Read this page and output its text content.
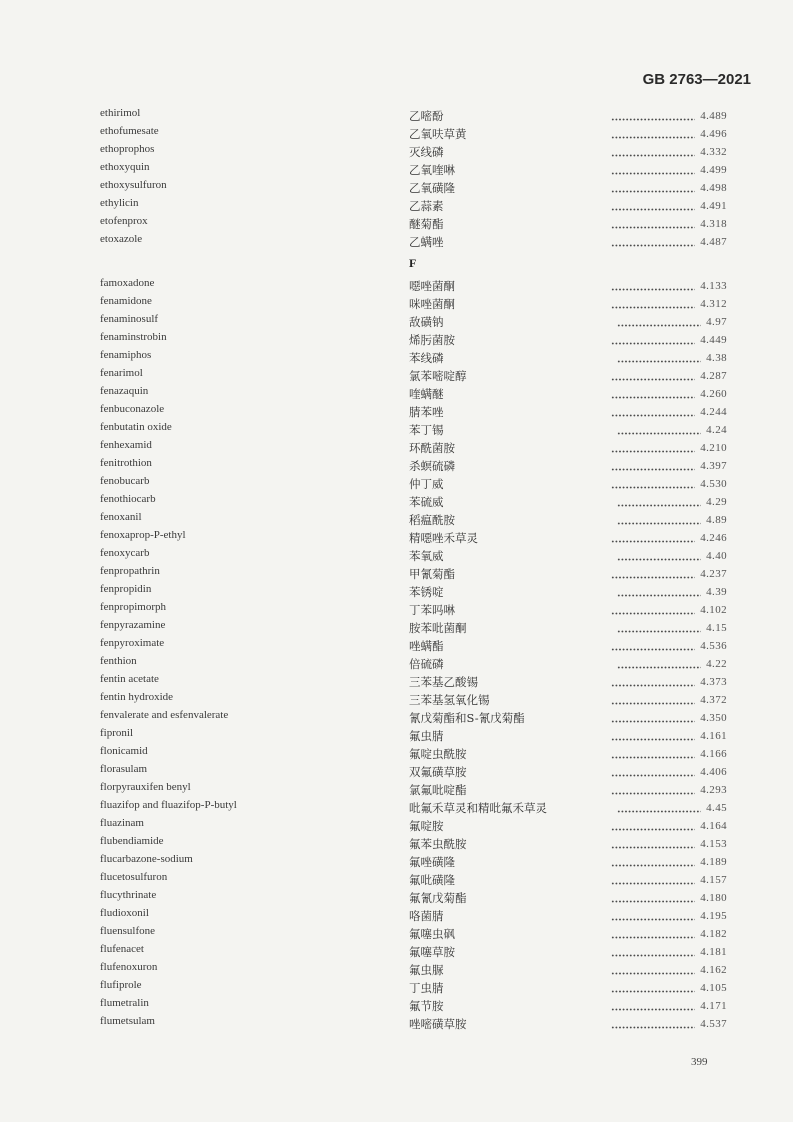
GB 2763—2021
ethirimol	乙嘧酚	4.489
ethofumesate	乙氧呋草黄	4.496
ethoprophos	灭线磷	4.332
ethoxyquin	乙氧喹啉	4.499
ethoxysulfuron	乙氧磺隆	4.498
ethylicin	乙蒜素	4.491
etofenprox	醚菊酯	4.318
etoxazole	乙螨唑	4.487
F
famoxadone	噁唑菌酮	4.133
fenamidone	咪唑菌酮	4.312
fenaminosulf	敌磺钠	4.97
fenaminstrobin	烯肟菌胺	4.449
fenamiphos	苯线磷	4.38
fenarimol	氯苯嘧啶醇	4.287
fenazaquin	喹螨醚	4.260
fenbuconazole	腈苯唑	4.244
fenbutatin oxide	苯丁锡	4.24
fenhexamid	环酰菌胺	4.210
fenitrothion	杀螟硫磷	4.397
fenobucarb	仲丁威	4.530
fenothiocarb	苯硫威	4.29
fenoxanil	稻瘟酰胺	4.89
fenoxaprop-P-ethyl	精噁唑禾草灵	4.246
fenoxycarb	苯氧威	4.40
fenpropathrin	甲氰菊酯	4.237
fenpropidin	苯锈啶	4.39
fenpropimorph	丁苯吗啉	4.102
fenpyrazamine	胺苯吡菌酮	4.15
fenpyroximate	唑螨酯	4.536
fenthion	倍硫磷	4.22
fentin acetate	三苯基乙酸锡	4.373
fentin hydroxide	三苯基氢氧化锡	4.372
fenvalerate and esfenvalerate	氰戊菊酯和S-氰戊菊酯	4.350
fipronil	氟虫腈	4.161
flonicamid	氟啶虫酰胺	4.166
florasulam	双氟磺草胺	4.406
florpyrauxifen benyl	氯氟吡啶酯	4.293
fluazifop and fluazifop-P-butyl	吡氟禾草灵和精吡氟禾草灵	4.45
fluazinam	氟啶胺	4.164
flubendiamide	氟苯虫酰胺	4.153
flucarbazone-sodium	氟唑磺隆	4.189
flucetosulfuron	氟吡磺隆	4.157
flucythrinate	氟氰戊菊酯	4.180
fludioxonil	咯菌腈	4.195
fluensulfone	氟噻虫砜	4.182
flufenacet	氟噻草胺	4.181
flufenoxuron	氟虫脲	4.162
flufiprole	丁虫腈	4.105
flumetralin	氟节胺	4.171
flumetsulam	唑嘧磺草胺	4.537
399
